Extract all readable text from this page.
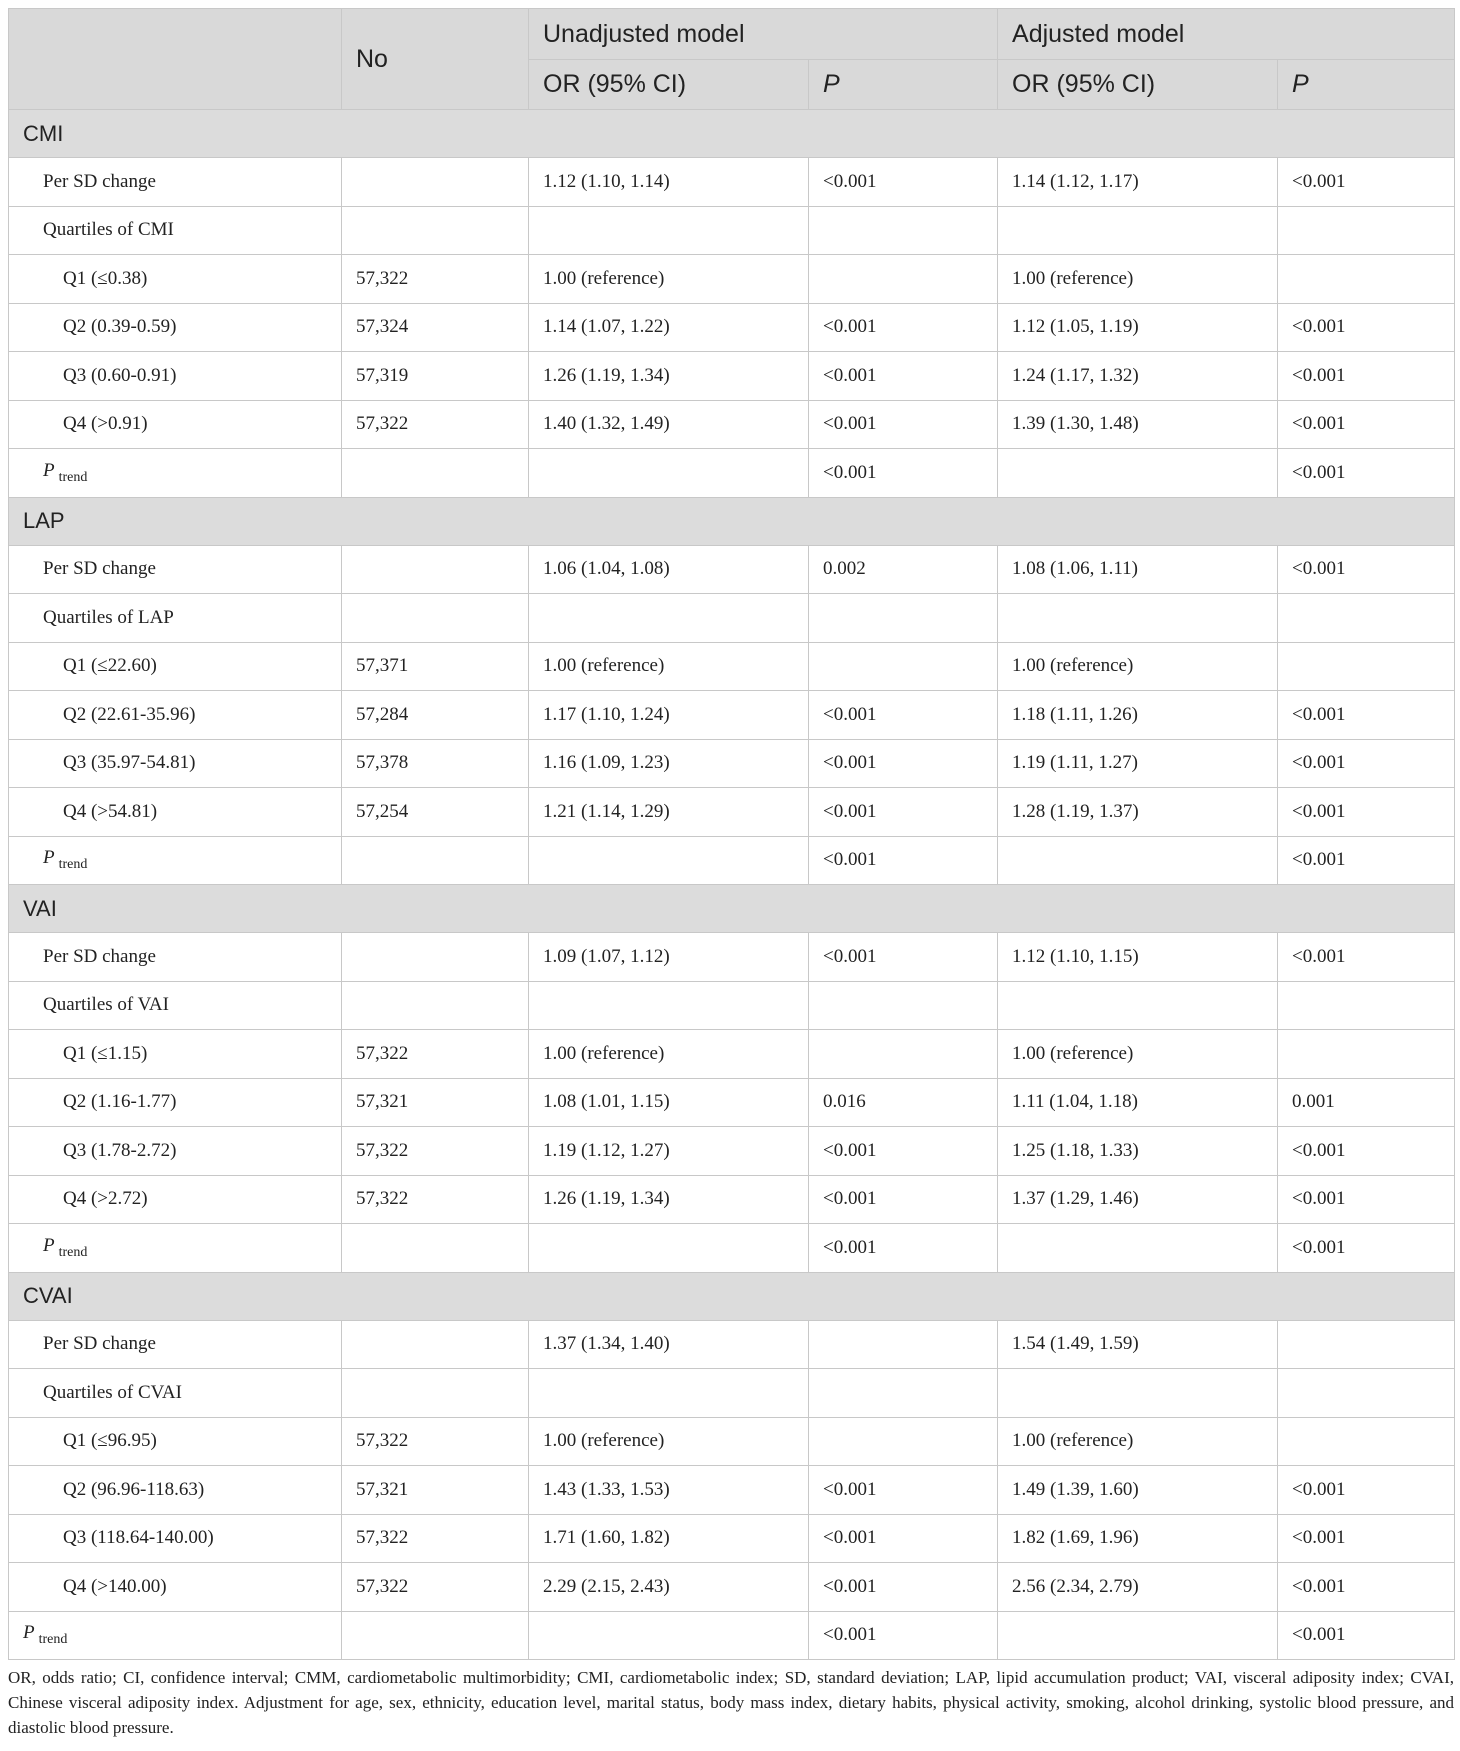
	No	Unadjusted model		Adjusted model	
		OR (95% CI)	P	OR (95% CI)	P
CMI					
Per SD change		1.12 (1.10, 1.14)	<0.001	1.14 (1.12, 1.17)	<0.001
Quartiles of CMI					
Q1 (≤0.38)	57,322	1.00 (reference)		1.00 (reference)	
Q2 (0.39-0.59)	57,324	1.14 (1.07, 1.22)	<0.001	1.12 (1.05, 1.19)	<0.001
Q3 (0.60-0.91)	57,319	1.26 (1.19, 1.34)	<0.001	1.24 (1.17, 1.32)	<0.001
Q4 (>0.91)	57,322	1.40 (1.32, 1.49)	<0.001	1.39 (1.30, 1.48)	<0.001
P $_{trend}$			<0.001		<0.001
LAP					
Per SD change		1.06 (1.04, 1.08)	0.002	1.08 (1.06, 1.11)	<0.001
Quartiles of LAP					
Q1 (≤22.60)	57,371	1.00 (reference)		1.00 (reference)	
Q2 (22.61-35.96)	57,284	1.17 (1.10, 1.24)	<0.001	1.18 (1.11, 1.26)	<0.001
Q3 (35.97-54.81)	57,378	1.16 (1.09, 1.23)	<0.001	1.19 (1.11, 1.27)	<0.001
Q4 (>54.81)	57,254	1.21 (1.14, 1.29)	<0.001	1.28 (1.19, 1.37)	<0.001
P $_{trend}$			<0.001		<0.001
VAI					
Per SD change		1.09 (1.07, 1.12)	<0.001	1.12 (1.10, 1.15)	<0.001
Quartiles of VAI					
Q1 (≤1.15)	57,322	1.00 (reference)		1.00 (reference)	
Q2 (1.16-1.77)	57,321	1.08 (1.01, 1.15)	0.016	1.11 (1.04, 1.18)	0.001
Q3 (1.78-2.72)	57,322	1.19 (1.12, 1.27)	<0.001	1.25 (1.18, 1.33)	<0.001
Q4 (>2.72)	57,322	1.26 (1.19, 1.34)	<0.001	1.37 (1.29, 1.46)	<0.001
P $_{trend}$			<0.001		<0.001
CVAI					
Per SD change		1.37 (1.34, 1.40)		1.54 (1.49, 1.59)	
Quartiles of CVAI					
Q1 (≤96.95)	57,322	1.00 (reference)		1.00 (reference)	
Q2 (96.96-118.63)	57,321	1.43 (1.33, 1.53)	<0.001	1.49 (1.39, 1.60)	<0.001
Q3 (118.64-140.00)	57,322	1.71 (1.60, 1.82)	<0.001	1.82 (1.69, 1.96)	<0.001
Q4 (>140.00)	57,322	2.29 (2.15, 2.43)	<0.001	2.56 (2.34, 2.79)	<0.001
P $_{trend}$			<0.001		<0.001
OR, odds ratio; CI, confidence interval; CMM, cardiometabolic multimorbidity; CMI, cardiometabolic index; SD, standard deviation; LAP, lipid accumulation product; VAI, visceral adiposity index; CVAI, Chinese visceral adiposity index. Adjustment for age, sex, ethnicity, education level, marital status, body mass index, dietary habits, physical activity, smoking, alcohol drinking, systolic blood pressure, and diastolic blood pressure.
